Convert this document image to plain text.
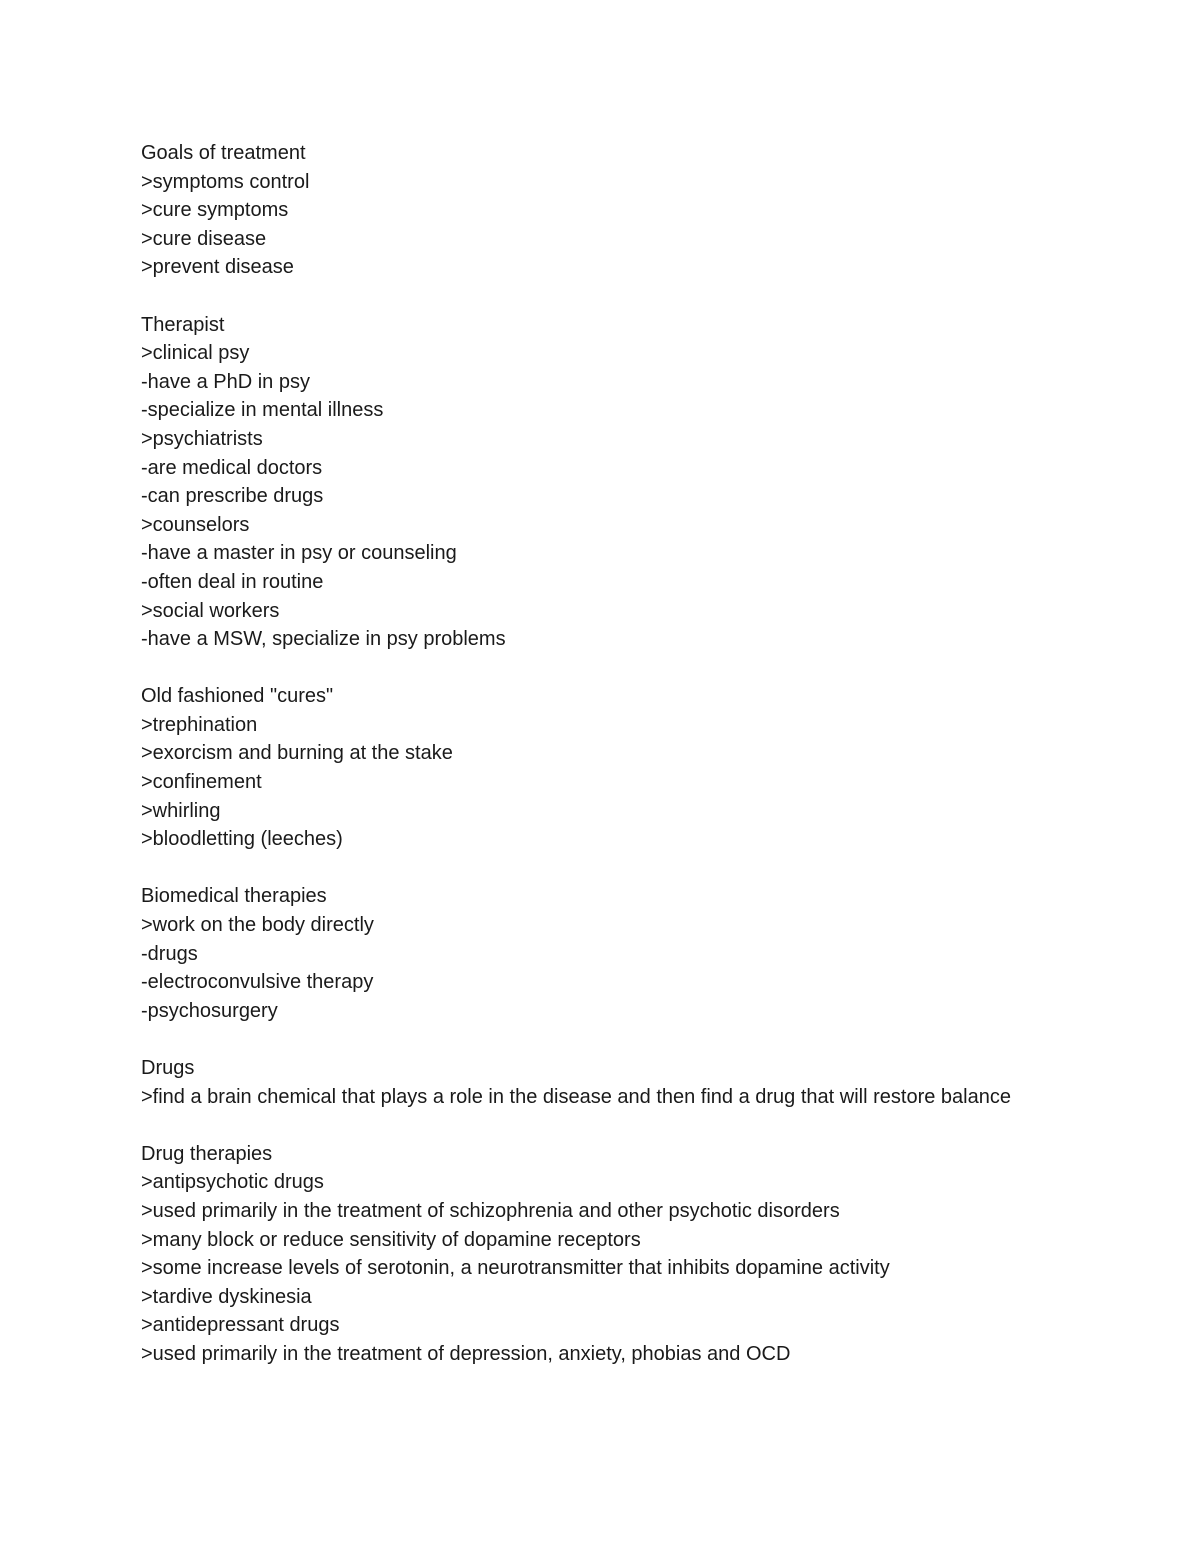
Goals of treatment
>symptoms control
>cure symptoms
>cure disease
>prevent disease
Therapist
>clinical psy
-have a PhD in psy
-specialize in mental illness
>psychiatrists
-are medical doctors
-can prescribe drugs
>counselors
-have a master in psy or counseling
-often deal in routine
>social workers
-have a MSW, specialize in psy problems
Old fashioned "cures"
>trephination
>exorcism and burning at the stake
>confinement
>whirling
>bloodletting (leeches)
Biomedical therapies
>work on the body directly
-drugs
-electroconvulsive therapy
-psychosurgery
Drugs
>find a brain chemical that plays a role in the disease and then find a drug that will restore balance
Drug therapies
>antipsychotic drugs
>used primarily in the treatment of schizophrenia and other psychotic disorders
>many block or reduce sensitivity of dopamine receptors
>some increase levels of serotonin, a neurotransmitter that inhibits dopamine activity
>tardive dyskinesia
>antidepressant drugs
>used primarily in the treatment of depression, anxiety, phobias and OCD
